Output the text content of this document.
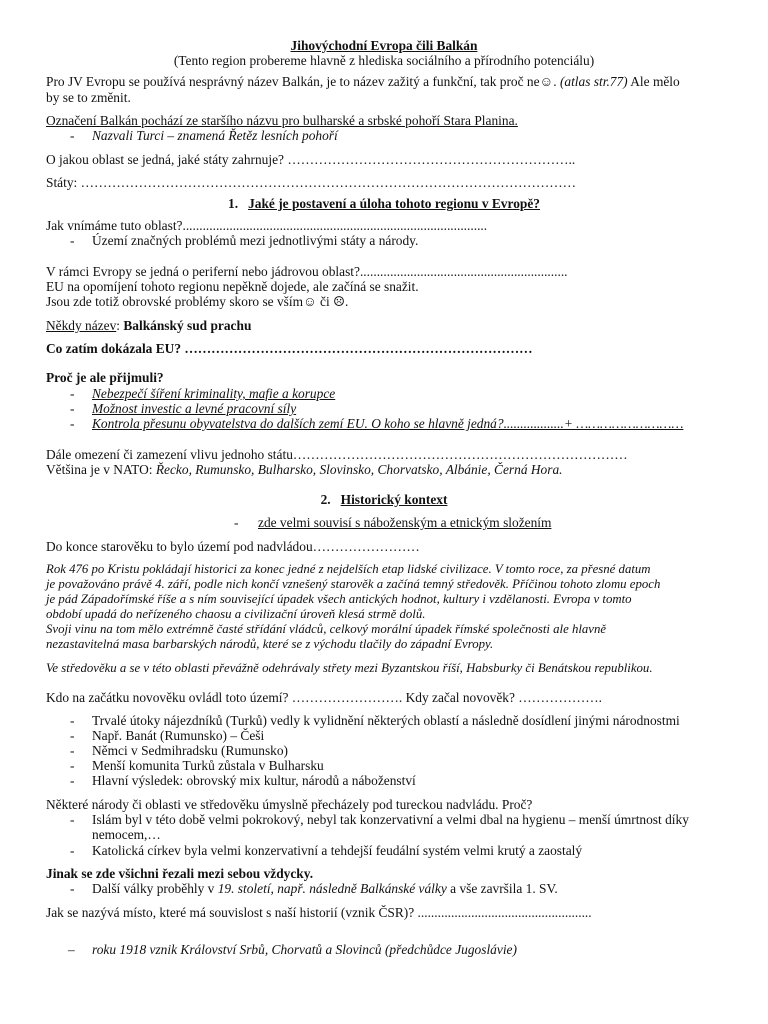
Jihovýchodní Evropa čili Balkán
(Tento region probereme hlavně z hlediska sociálního a přírodního potenciálu)
Pro JV Evropu se používá nesprávný název Balkán, je to název zažitý a funkční, tak proč ne☺. (atlas str.77) Ale mělo
by se to změnit.
Označení Balkán pochází ze staršího názvu pro bulharské a srbské pohoří Stara Planina.
- Nazvali Turci – znamená Řetěz lesních pohoří
O jakou oblast se jedná, jaké státy zahrnuje? ………………………………………………………..
Státy: …………………………………………………………………………………………………
1. Jaké je postavení a úloha tohoto regionu v Evropě?
Jak vnímáme tuto oblast?...........................................................................................
- Území značných problémů mezi jednotlivými státy a národy.
V rámci Evropy se jedná o periferní nebo jádrovou oblast?..............................................................
EU na opomíjení tohoto regionu nepěkně dojede, ale začíná se snažit.
Jsou zde totiž obrovské problémy skoro se vším☺ či ☹.
Někdy název: Balkánský sud prachu
Co zatím dokázala EU? ……………………………………………………………………
Proč je ale přijmuli?
- Nebezpečí šíření kriminality, mafie a korupce
- Možnost investic a levné pracovní síly
- Kontrola přesunu obyvatelstva do dalších zemí EU. O koho se hlavně jedná?..................+ ………………………
Dále omezení či zamezení vlivu jednoho státu…………………………………………………………………
Většina je v NATO: Řecko, Rumunsko, Bulharsko, Slovinsko, Chorvatsko, Albánie, Černá Hora.
2. Historický kontext
- zde velmi souvisí s náboženským a etnickým složením
Do konce starověku to bylo území pod nadvládou……………………
Rok 476 po Kristu pokládají historici za konec jedné z nejdelších etap lidské civilizace. V tomto roce, za přesné datum
je považováno právě 4. září, podle nich končí vznešený starověk a začíná temný středověk. Příčinou tohoto zlomu epoch
je pád Západořímské říše a s ním související úpadek všech antických hodnot, kultury i vzdělanosti. Evropa v tomto
období upadá do neřízeného chaosu a civilizační úroveň klesá strmě dolů.
Svoji vinu na tom mělo extrémně časté střídání vládců, celkový morální úpadek římské společnosti ale hlavně
nezastavitelná masa barbarských národů, které se z východu tlačily do západní Evropy.
Ve středověku a se v této oblasti převážně odehrávaly střety mezi Byzantskou říší, Habsburky či Benátskou republikou.
Kdo na začátku novověku ovládl toto území? ……………………. Kdy začal novověk? ……………….
- Trvalé útoky nájezdníků (Turků) vedly k vylidnění některých oblastí a následně dosídlení jinými národnostmi
- Např. Banát (Rumunsko) – Češi
- Němci v Sedmihradsku (Rumunsko)
- Menší komunita Turků zůstala v Bulharsku
- Hlavní výsledek: obrovský mix kultur, národů a náboženství
Některé národy či oblasti ve středověku úmyslně přecházely pod tureckou nadvládu. Proč?
- Islám byl v této době velmi pokrokový, nebyl tak konzervativní a velmi dbal na hygienu – menší úmrtnost díky
nemocem,…
- Katolická církev byla velmi konzervativní a tehdejší feudální systém velmi krutý a zaostalý
Jinak se zde všichni řezali mezi sebou vždycky.
- Další války proběhly v 19. století, např. následně Balkánské války a vše završila 1. SV.
Jak se nazývá místo, které má souvislost s naší historií (vznik ČSR)? ....................................................
– roku 1918 vznik Království Srbů, Chorvatů a Slovinců (předchůdce Jugoslávie)
